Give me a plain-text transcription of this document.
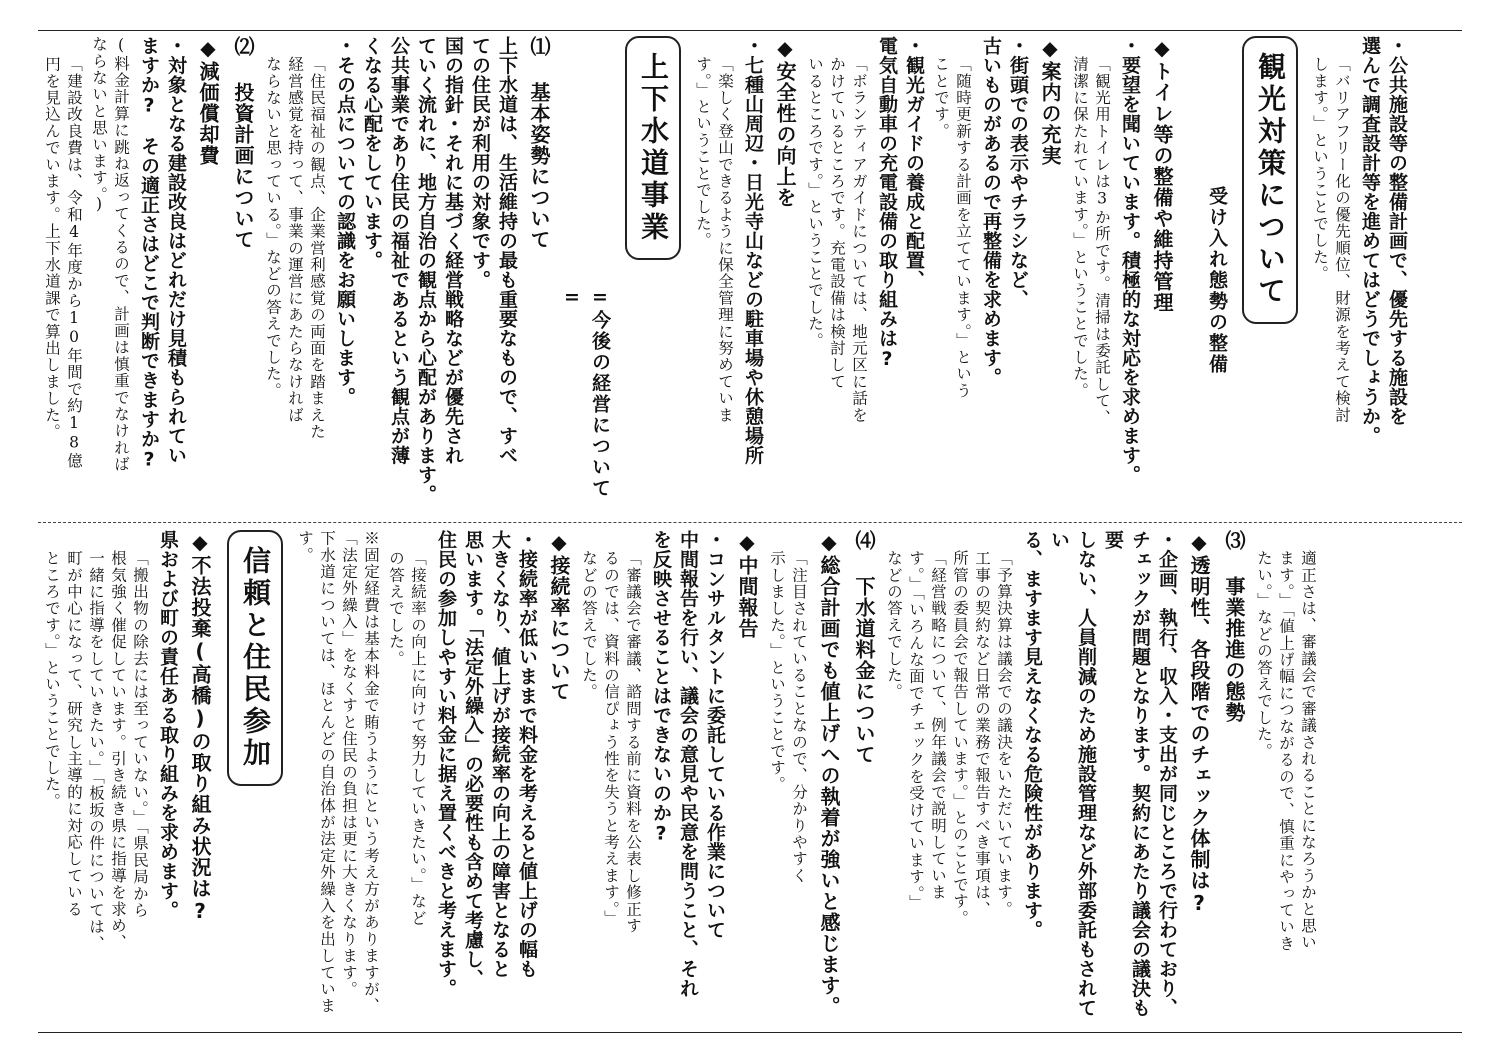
・公共施設等の整備計画で、優先する施設を
選んで調査設計等を進めてはどうでしょうか。
「バリアフリー化の優先順位、財源を考えて検討
します。」ということでした。
観光対策について
受け入れ態勢の整備
◆トイレ等の整備や維持管理
・要望を聞いています。積極的な対応を求めます。
「観光用トイレは3か所です。清掃は委託して、
清潔に保たれています。」ということでした。
◆案内の充実
・街頭での表示やチラシなど、
古いものがあるので再整備を求めます。
「随時更新する計画を立てています。」という
ことです。
・観光ガイドの養成と配置、
電気自動車の充電設備の取り組みは?
「ボランティアガイドについては、地元区に話を
かけているところです。充電設備は検討して
いるところです。」ということでした。
◆安全性の向上を
・七種山周辺・日光寺山などの駐車場や休憩場所
「楽しく登山できるように保全管理に努めていま
す。」ということでした。
上下水道事業
=今後の経営について=
⑴ 基本姿勢について
上下水道は、生活維持の最も重要なもので、すべ
ての住民が利用の対象です。
国の指針・それに基づく経営戦略などが優先され
ていく流れに、地方自治の観点から心配があります。
公共事業であり住民の福祉であるという観点が薄
くなる心配をしています。
・その点についての認識をお願いします。
「住民福祉の観点、企業営利感覚の両面を踏まえた
経営感覚を持って、事業の運営にあたらなければ
ならないと思っている。」などの答えでした。
⑵ 投資計画について
◆減価償却費
・対象となる建設改良はどれだけ見積もられてい
ますか?　その適正さはどこで判断できますか?
(料金計算に跳ね返ってくるので、計画は慎重でなければ
ならないと思います。)
「建設改良費は、令和4年度から10年間で約18億
円を見込んでいます。上下水道課で算出しました。
適正さは、審議会で審議されることになろうかと思い
ます。」「値上げ幅につながるので、慎重にやっていき
たい。」などの答えでした。
⑶ 事業推進の態勢
◆透明性、各段階でのチェック体制は?
・企画、執行、収入・支出が同じところで行わており、
チェックが問題となります。契約にあたり議会の議決も要
しない、人員削減のため施設管理など外部委託もされてい
る、ますます見えなくなる危険性があります。
「予算決算は議会での議決をいただいています。
工事の契約など日常の業務で報告すべき事項は、
所管の委員会で報告しています。」とのことです。
「経営戦略について、例年議会で説明していま
す。」「いろんな面でチェックを受けています。」
などの答えでした。
⑷ 下水道料金について
◆総合計画でも値上げへの執着が強いと感じます。
「注目されていることなので、分かりやすく
示しました。」ということです。
◆中間報告
・コンサルタントに委託している作業について
中間報告を行い、議会の意見や民意を問うこと、それ
を反映させることはできないのか?
「審議会で審議、諮問する前に資料を公表し修正す
るのでは、資料の信ぴょう性を失うと考えます。」
などの答えでした。
◆接続率について
・接続率が低いままで料金を考えると値上げの幅も
大きくなり、値上げが接続率の向上の障害となると
思います。「法定外繰入」の必要性も含めて考慮し、
住民の参加しやすい料金に据え置くべきと考えます。
「接続率の向上に向けて努力していきたい。」など
の答えでした。
※固定経費は基本料金で賄うようにという考え方がありますが、
「法定外繰入」をなくすと住民の負担は更に大きくなります。
下水道については、ほとんどの自治体が法定外繰入を出しています。
信頼と住民参加
◆不法投棄(高橋)の取り組み状況は?
県および町の責任ある取り組みを求めます。
「搬出物の除去には至っていない。」「県民局から
根気強く催促しています。引き続き県に指導を求め、
一緒に指導をしていきたい。」「板坂の件については、
町が中心になって、研究し主導的に対応している
ところです。」ということでした。
